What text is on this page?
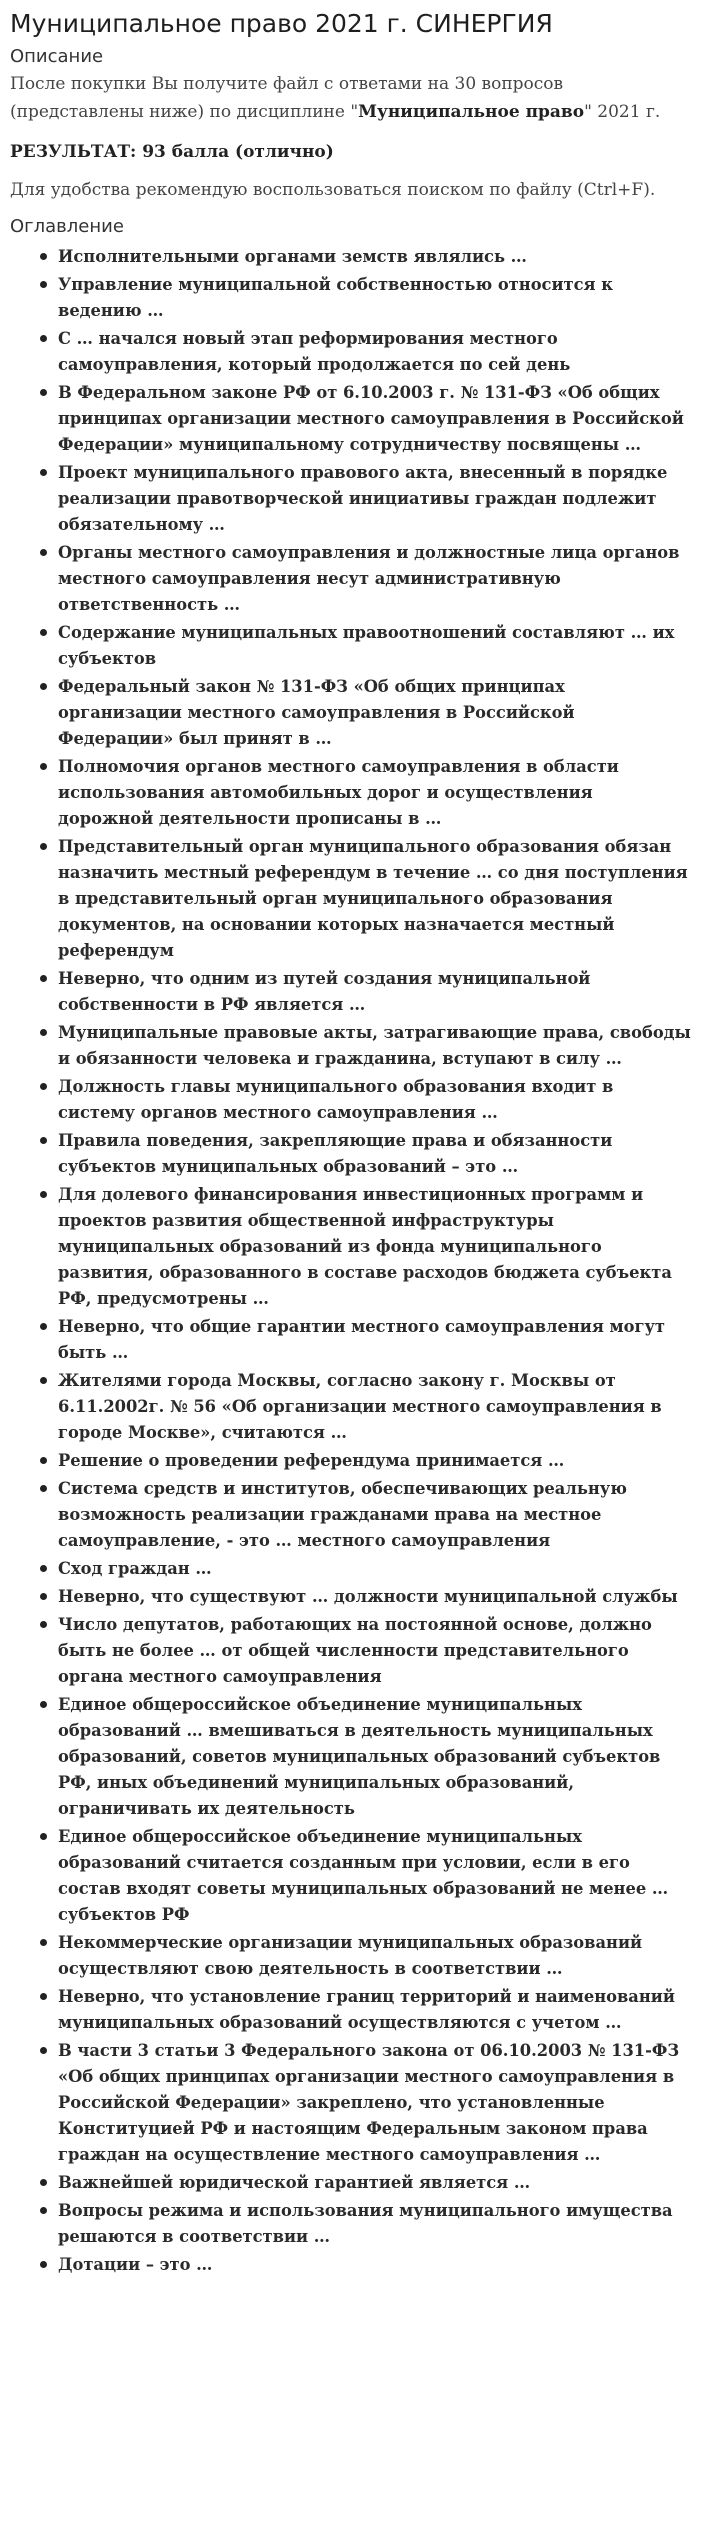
Муниципальное право 2021 г. СИНЕРГИЯ
Описание

После покупки Вы получите файл с ответами на 30 вопросов (представлены ниже) по дисциплине "Муниципальное право" 2021 г.

РЕЗУЛЬТАТ: 93 балла (отлично)

Для удобства рекомендую воспользоваться поиском по файлу (Ctrl+F).

Оглавление
Исполнительными органами земств являлись …
Управление муниципальной собственностью относится к ведению …
С … начался новый этап реформирования местного самоуправления, который продолжается по сей день
В Федеральном законе РФ от 6.10.2003 г. № 131-ФЗ «Об общих принципах организации местного самоуправления в Российской Федерации» муниципальному сотрудничеству посвящены …
Проект муниципального правового акта, внесенный в порядке реализации правотворческой инициативы граждан подлежит обязательному …
Органы местного самоуправления и должностные лица органов местного самоуправления несут административную ответственность …
Содержание муниципальных правоотношений составляют … их субъектов
Федеральный закон № 131-ФЗ «Об общих принципах организации местного самоуправления в Российской Федерации» был принят в …
Полномочия органов местного самоуправления в области использования автомобильных дорог и осуществления дорожной деятельности прописаны в …
Представительный орган муниципального образования обязан назначить местный референдум в течение … со дня поступления в представительный орган муниципального образования документов, на основании которых назначается местный референдум
Неверно, что одним из путей создания муниципальной собственности в РФ является …
Муниципальные правовые акты, затрагивающие права, свободы и обязанности человека и гражданина, вступают в силу …
Должность главы муниципального образования входит в систему органов местного самоуправления …
Правила поведения, закрепляющие права и обязанности субъектов муниципальных образований – это …
Для долевого финансирования инвестиционных программ и проектов развития общественной инфраструктуры муниципальных образований из фонда муниципального развития, образованного в составе расходов бюджета субъекта РФ, предусмотрены …
Неверно, что общие гарантии местного самоуправления могут быть …
Жителями города Москвы, согласно закону г. Москвы от 6.11.2002г. № 56 «Об организации местного самоуправления в городе Москве», считаются …
Решение о проведении референдума принимается …
Система средств и институтов, обеспечивающих реальную возможность реализации гражданами права на местное самоуправление, - это … местного самоуправления
Сход граждан …
Неверно, что существуют … должности муниципальной службы
Число депутатов, работающих на постоянной основе, должно быть не более … от общей численности представительного органа местного самоуправления
Единое общероссийское объединение муниципальных образований … вмешиваться в деятельность муниципальных образований, советов муниципальных образований субъектов РФ, иных объединений муниципальных образований, ограничивать их деятельность
Единое общероссийское объединение муниципальных образований считается созданным при условии, если в его состав входят советы муниципальных образований не менее … субъектов РФ
Некоммерческие организации муниципальных образований осуществляют свою деятельность в соответствии …
Неверно, что установление границ территорий и наименований муниципальных образований осуществляются с учетом …
В части 3 статьи 3 Федерального закона от 06.10.2003 № 131-ФЗ «Об общих принципах организации местного самоуправления в Российской Федерации» закреплено, что установленные Конституцией РФ и настоящим Федеральным законом права граждан на осуществление местного самоуправления …
Важнейшей юридической гарантией является …
Вопросы режима и использования муниципального имущества решаются в соответствии …
Дотации – это …
